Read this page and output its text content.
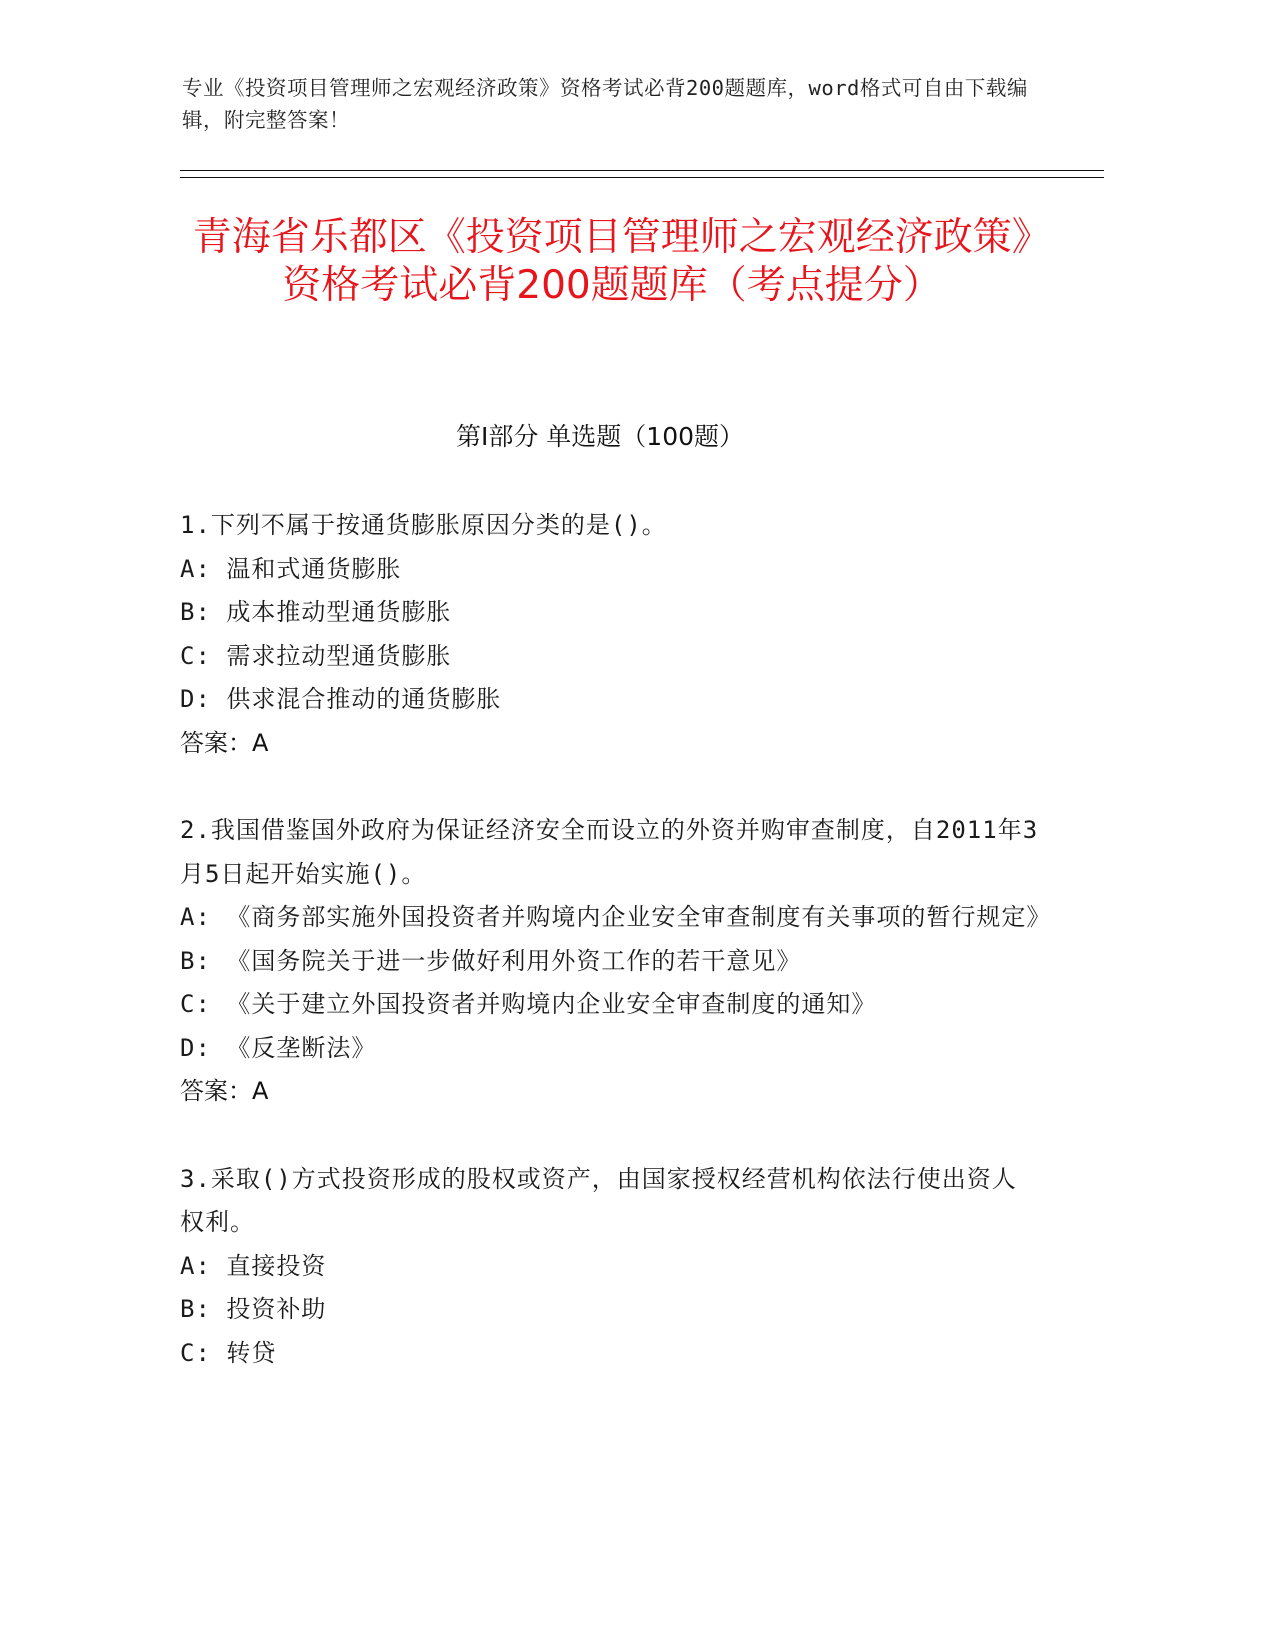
专业《投资项目管理师之宏观经济政策》资格考试必背200题题库，word格式可自由下载编辑，附完整答案！
青海省乐都区《投资项目管理师之宏观经济政策》资格考试必背200题题库（考点提分）
第I部分 单选题（100题）
1.下列不属于按通货膨胀原因分类的是()。
A: 温和式通货膨胀
B: 成本推动型通货膨胀
C: 需求拉动型通货膨胀
D: 供求混合推动的通货膨胀
答案：A
2.我国借鉴国外政府为保证经济安全而设立的外资并购审查制度，自2011年3月5日起开始实施()。
A: 《商务部实施外国投资者并购境内企业安全审查制度有关事项的暂行规定》
B: 《国务院关于进一步做好利用外资工作的若干意见》
C: 《关于建立外国投资者并购境内企业安全审查制度的通知》
D: 《反垄断法》
答案：A
3.采取()方式投资形成的股权或资产，由国家授权经营机构依法行使出资人权利。
A: 直接投资
B: 投资补助
C: 转贷
